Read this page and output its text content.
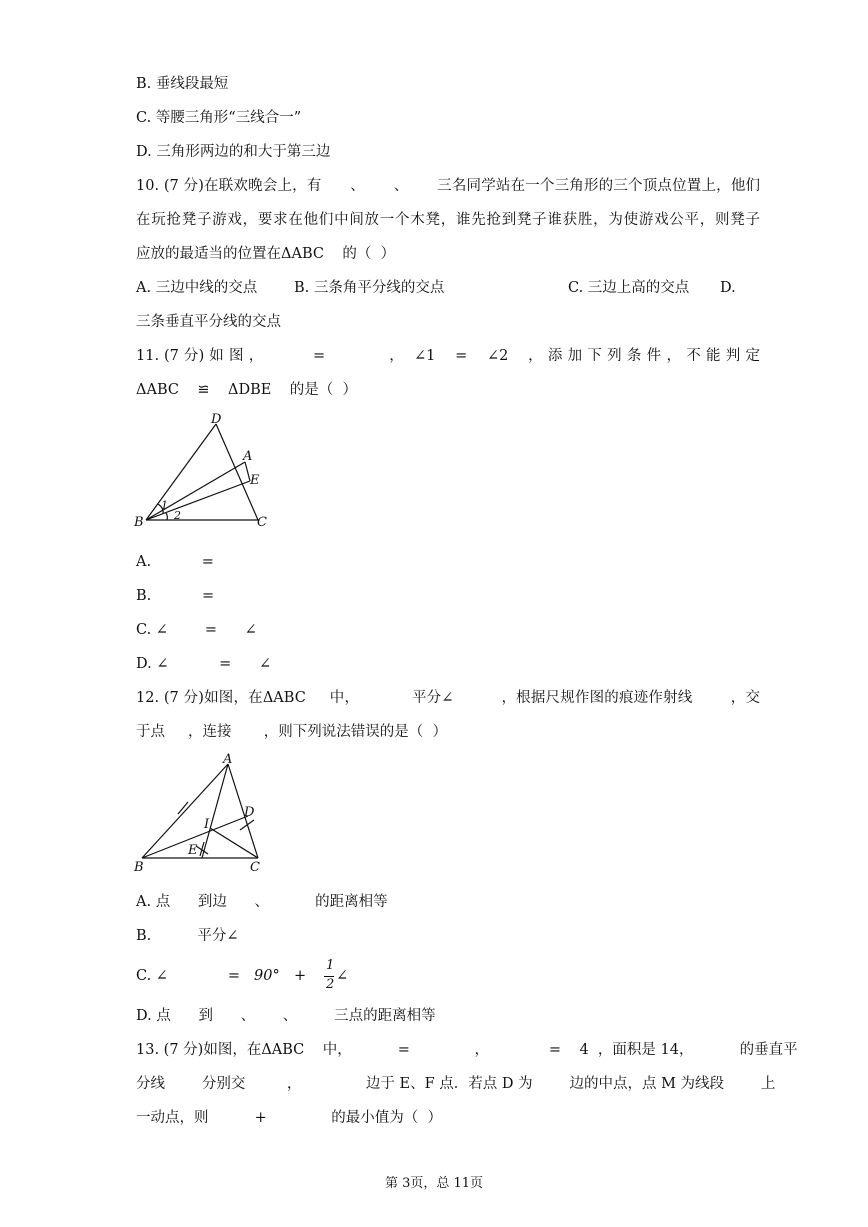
B. 垂线段最短
C. 等腰三角形“三线合一”
D. 三角形两边的和大于第三边
10. (7 分)在联欢晚会上，有      、      、      三名同学站在一个三角形的三个顶点位置上，他们
在玩抢凳子游戏，要求在他们中间放一个木凳，谁先抢到凳子谁获胜，为使游戏公平，则凳子
应放的最适当的位置在ΔABC    的（  ）
A. 三边中线的交点	B. 三条角平分线的交点	C. 三边上高的交点 D.
三条垂直平分线的交点
11. (7 分) 如 图 ，          =             ，  ∠1    =    ∠2    ， 添 加 下 列 条 件 ， 不 能 判 定
ΔABC    ≌    ΔDBE    的是（  ）
D
A
E
B	C
1
2
A.           =
B.           =
C. ∠        =      ∠
D. ∠           =      ∠
12. (7 分)如图，在ΔABC     中，           平分∠          ，根据尺规作图的痕迹作射线        ，交
于点     ，连接       ，则下列说法错误的是（  ）
A
D
I
E
B	C
A. 点      到边      、          的距离相等
B.          平分∠
C. ∠             = 90° +
1
2
∠
D. 点      到      、      、        三点的距离相等
13. (7 分)如图，在ΔABC    中，          =              ，             =    4  ，面积是 14，          的垂直平
分线        分别交         ，              边于 E、F 点．若点 D 为        边的中点，点 M 为线段        上
一动点，则          +              的最小值为（  ）
第 3页，总 11页
